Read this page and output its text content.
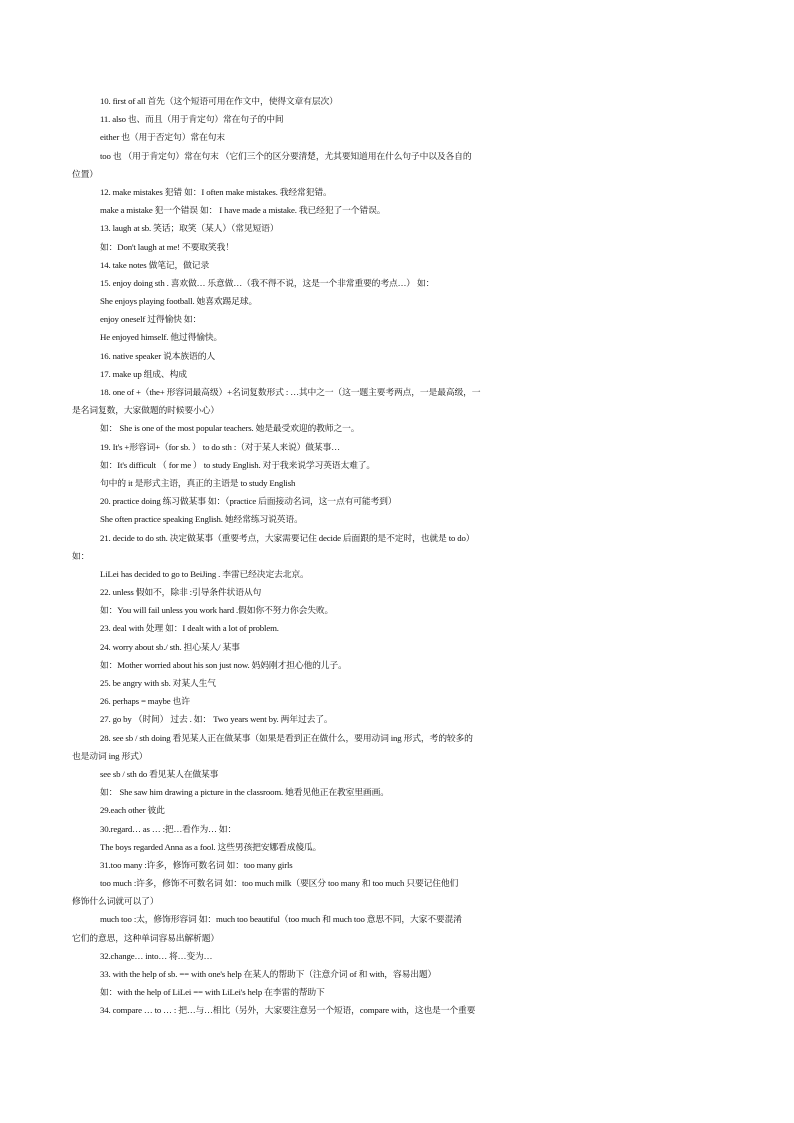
10. first of all 首先（这个短语可用在作文中，使得文章有层次）
11. also 也、而且（用于肯定句）常在句子的中间
either 也（用于否定句）常在句末
too 也 （用于肯定句）常在句末 （它们三个的区分要清楚，尤其要知道用在什么句子中以及各自的
位置）
12. make mistakes 犯错 如：I often make mistakes. 我经常犯错。
make a mistake 犯一个错误 如： I have made a mistake. 我已经犯了一个错误。
13. laugh at sb. 笑话；取笑（某人）（常见短语）
如：Don't laugh at me! 不要取笑我！
14. take notes 做笔记，做记录
15. enjoy doing sth . 喜欢做… 乐意做…（我不得不说，这是一个非常重要的考点…） 如：
She enjoys playing football. 她喜欢踢足球。
enjoy oneself 过得愉快 如：
He enjoyed himself. 他过得愉快。
16. native speaker 说本族语的人
17. make up 组成、构成
18. one of +（the+ 形容词最高级）+名词复数形式 : …其中之一（这一题主要考两点，一是最高级，一
是名词复数，大家做题的时候要小心）
如： She is one of the most popular teachers. 她是最受欢迎的教师之一。
19. It's +形容词+（for sb. ） to do sth :（对于某人来说）做某事…
如：It's difficult （ for me ） to study English. 对于我来说学习英语太难了。
句中的 it 是形式主语，真正的主语是 to study English
20. practice doing 练习做某事 如：（practice 后面接动名词，这一点有可能考到）
She often practice speaking English. 她经常练习说英语。
21. decide to do sth. 决定做某事（重要考点，大家需要记住 decide 后面跟的是不定时，也就是 to do）
如：
LiLei has decided to go to BeiJing . 李雷已经决定去北京。
22. unless 假如不，除非 :引导条件状语从句
如：You will fail unless you work hard .假如你不努力你会失败。
23. deal with 处理 如：I dealt with a lot of problem.
24. worry about sb./ sth. 担心某人/ 某事
如：Mother worried about his son just now. 妈妈刚才担心他的儿子。
25. be angry with sb. 对某人生气
26. perhaps = maybe 也许
27. go by （时间） 过去 . 如： Two years went by. 两年过去了。
28. see sb / sth doing 看见某人正在做某事（如果是看到正在做什么，要用动词 ing 形式，考的较多的
也是动词 ing 形式）
see sb / sth do 看见某人在做某事
如： She saw him drawing a picture in the classroom. 她看见他正在教室里画画。
29.each other 彼此
30.regard… as … :把…看作为… 如：
The boys regarded Anna as a fool. 这些男孩把安娜看成傻瓜。
31.too many :许多，修饰可数名词 如：too many girls
too much :许多，修饰不可数名词 如：too much milk（要区分 too many 和 too much 只要记住他们
修饰什么词就可以了）
much too :太，修饰形容词 如：much too beautiful（too much 和 much too 意思不同，大家不要混淆
它们的意思，这种单词容易出解析题）
32.change… into… 将…变为…
33. with the help of sb. == with one's help 在某人的帮助下（注意介词 of 和 with，容易出题）
如：with the help of LiLei == with LiLei's help 在李雷的帮助下
34. compare … to … : 把…与…相比（另外，大家要注意另一个短语，compare with，这也是一个重要
